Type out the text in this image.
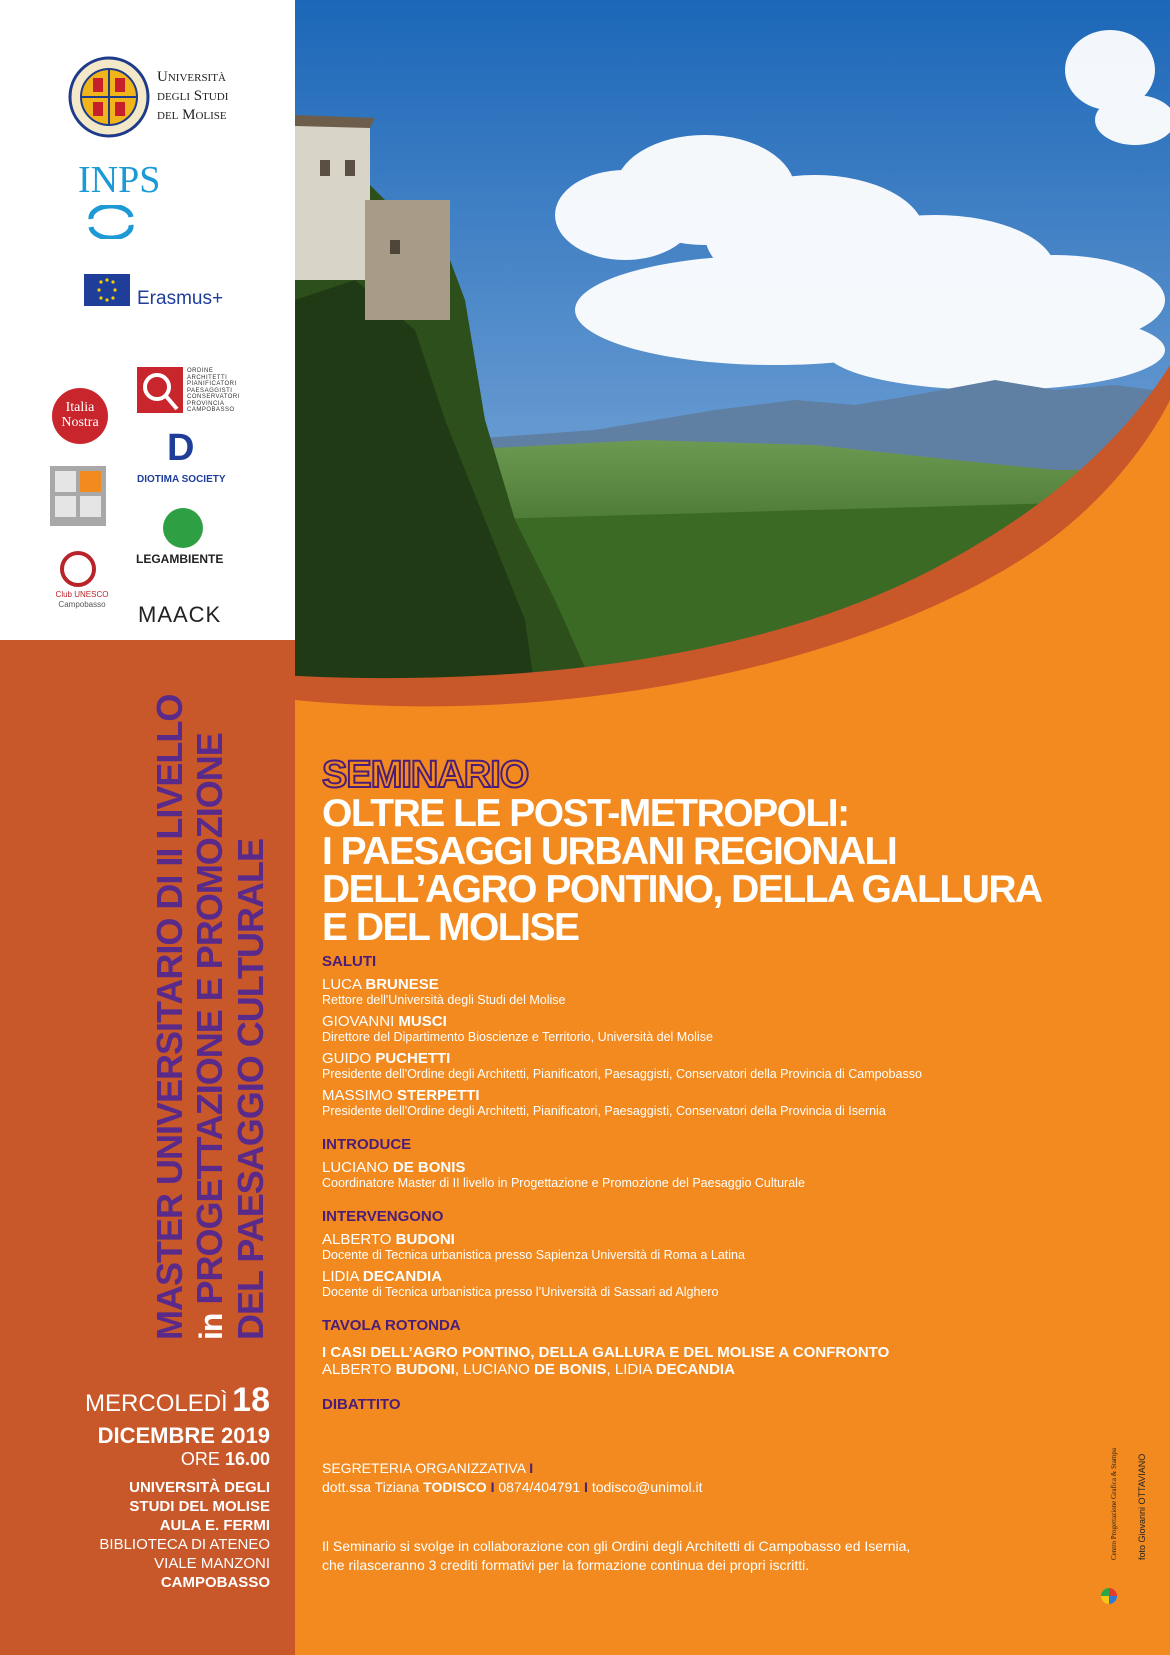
Università
degli Studi
del Molise
INPS
Erasmus+
Italia
Nostra
ORDINE
ARCHITETTI
PIANIFICATORI
PAESAGGISTI
CONSERVATORI
PROVINCIA
CAMPOBASSO
D
DIOTIMA SOCIETY
LEGAMBIENTE
Club UNESCO
Campobasso MAACK
MASTER UNIVERSITARIO DI II LIVELLO in PROGETTAZIONE E PROMOZIONE DEL PAESAGGIO CULTURALE
MERCOLEDÌ 18
DICEMBRE 2019
ORE 16.00
UNIVERSITÀ DEGLI
STUDI DEL MOLISE
AULA E. FERMI
BIBLIOTECA DI ATENEO
VIALE MANZONI
CAMPOBASSO
SEMINARIO
OLTRE LE POST-METROPOLI:
I PAESAGGI URBANI REGIONALI
DELL’AGRO PONTINO, DELLA GALLURA
E DEL MOLISE
SALUTI
LUCA BRUNESE
Rettore dell'Università degli Studi del Molise
GIOVANNI MUSCI
Direttore del Dipartimento Bioscienze e Territorio, Università del Molise
GUIDO PUCHETTI
Presidente dell'Ordine degli Architetti, Pianificatori, Paesaggisti, Conservatori della Provincia di Campobasso
MASSIMO STERPETTI
Presidente dell'Ordine degli Architetti, Pianificatori, Paesaggisti, Conservatori della Provincia di Isernia
INTRODUCE
LUCIANO DE BONIS
Coordinatore Master di II livello in Progettazione e Promozione del Paesaggio Culturale
INTERVENGONO
ALBERTO BUDONI
Docente di Tecnica urbanistica presso Sapienza Università di Roma a Latina
LIDIA DECANDIA
Docente di Tecnica urbanistica presso l’Università di Sassari ad Alghero
TAVOLA ROTONDA
I CASI DELL’AGRO PONTINO, DELLA GALLURA E DEL MOLISE A CONFRONTO
ALBERTO BUDONI, LUCIANO DE BONIS, LIDIA DECANDIA
DIBATTITO
SEGRETERIA ORGANIZZATIVA I
dott.ssa Tiziana TODISCO I 0874/404791 I todisco@unimol.it
Il Seminario si svolge in collaborazione con gli Ordini degli Architetti di Campobasso ed Isernia,
che rilasceranno 3 crediti formativi per la formazione continua dei propri iscritti.
foto Giovanni OTTAVIANO
Centro Progettazione Grafica & Stampa
